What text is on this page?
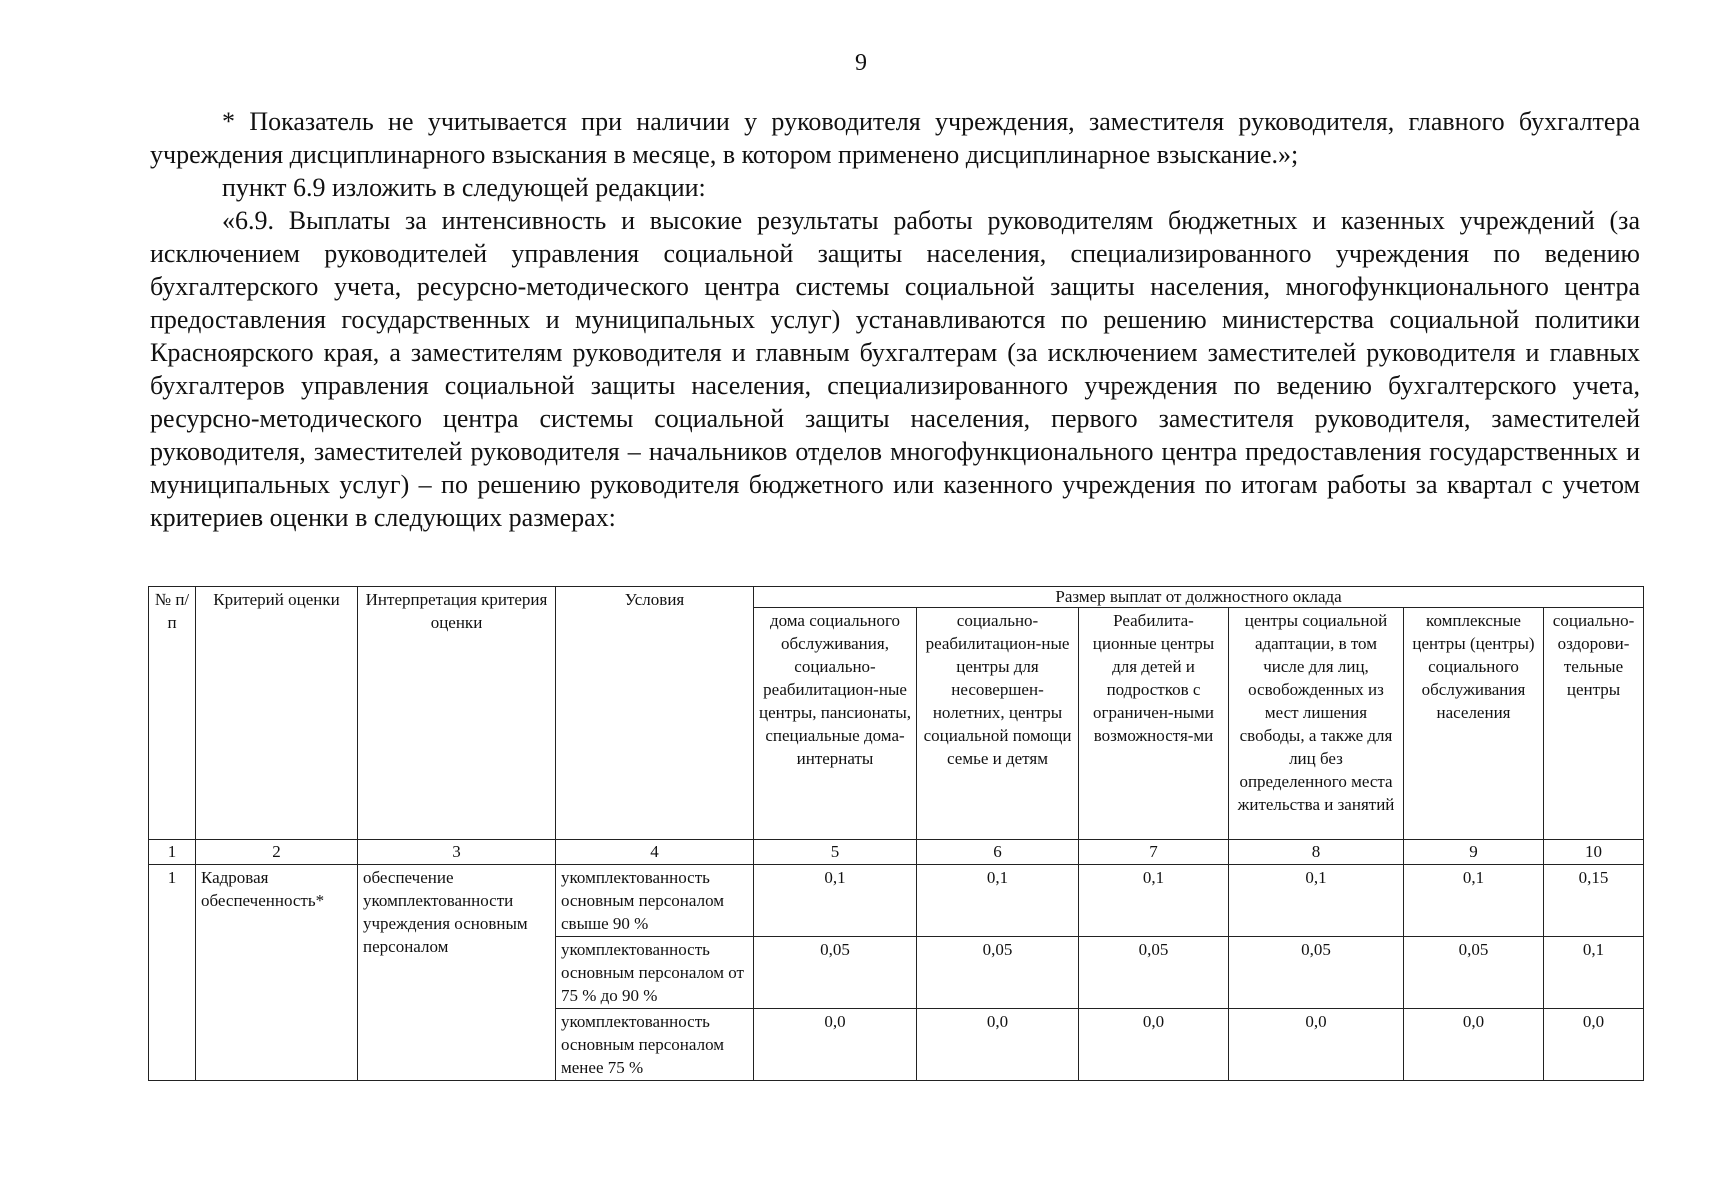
9

* Показатель не учитывается при наличии у руководителя учреждения, заместителя руководителя, главного бухгалтера учреждения дисциплинарного взыскания в месяце, в котором применено дисциплинарное взыскание.»;

пункт 6.9 изложить в следующей редакции:

«6.9. Выплаты за интенсивность и высокие результаты работы руководителям бюджетных и казенных учреждений (за исключением руководителей управления социальной защиты населения, специализированного учреждения по ведению бухгалтерского учета, ресурсно-методического центра системы социальной защиты населения, многофункционального центра предоставления государственных и муниципальных услуг) устанавливаются по решению министерства социальной политики Красноярского края, а заместителям руководителя и главным бухгалтерам (за исключением заместителей руководителя и главных бухгалтеров управления социальной защиты населения, специализированного учреждения по ведению бухгалтерского учета, ресурсно-методического центра системы социальной защиты населения, первого заместителя руководителя, заместителей руководителя, заместителей руководителя – начальников отделов многофункционального центра предоставления государственных и муниципальных услуг) – по решению руководителя бюджетного или казенного учреждения по итогам работы за квартал с учетом критериев оценки в следующих размерах:

№ п/п	Критерий оценки	Интерпретация критерия оценки	Условия	Размер выплат от должностного оклада					
				дома социального обслуживания, социально-реабилитацион-ные центры, пансионаты, специальные дома-интернаты	социально-реабилитацион-ные центры для несовершен-нолетних, центры социальной помощи семье и детям	Реабилита-ционные центры для детей и подростков с ограничен-ными возможностя-ми	центры социальной адаптации, в том числе для лиц, освобожденных из мест лишения свободы, а также для лиц без определенного места жительства и занятий	комплексные центры (центры) социального обслуживания населения	социально-оздорови-тельные центры
1	2	3	4	5	6	7	8	9	10
1	Кадровая обеспеченность*	обеспечение укомплектованности учреждения основным персоналом	укомплектованность основным персоналом свыше 90 %	0,1	0,1	0,1	0,1	0,1	0,15
			укомплектованность основным персоналом от 75 % до 90 %	0,05	0,05	0,05	0,05	0,05	0,1
			укомплектованность основным персоналом менее 75 %	0,0	0,0	0,0	0,0	0,0	0,0
